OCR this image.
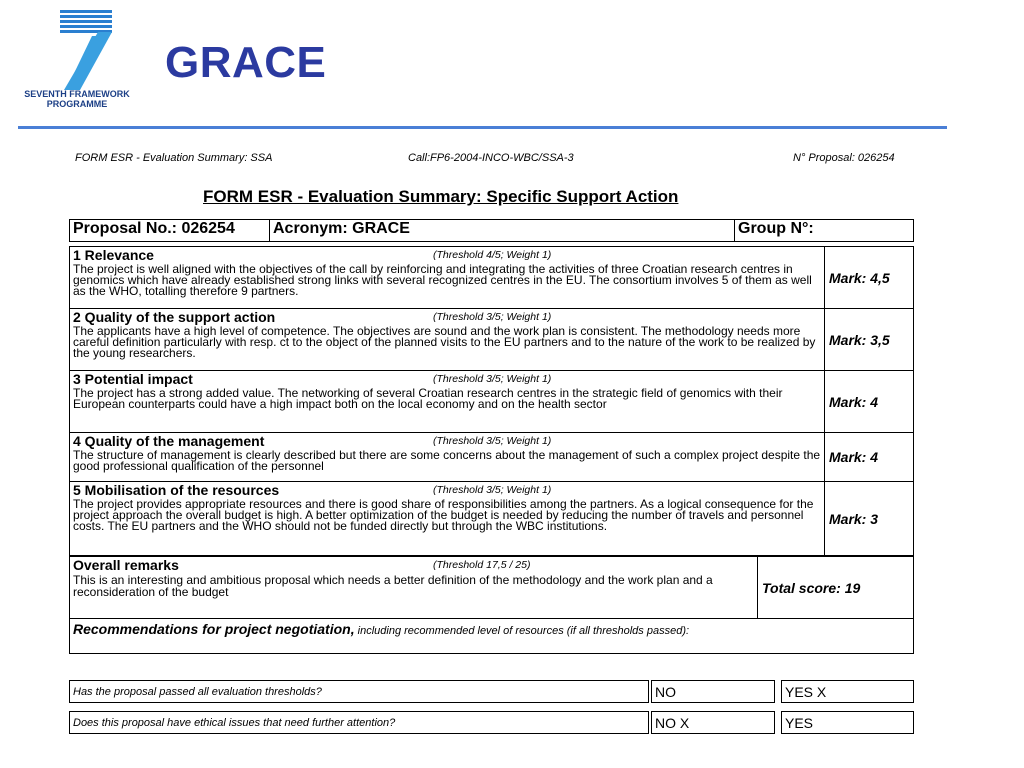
SEVENTH FRAMEWORK
PROGRAMME
GRACE
FORM ESR - Evaluation Summary: SSA	Call:FP6-2004-INCO-WBC/SSA-3	N° Proposal: 026254
FORM ESR - Evaluation Summary: Specific Support Action
Proposal No.: 026254	Acronym: GRACE	Group N°:
1 Relevance (Threshold 4/5; Weight 1)
The project is well aligned with the objectives of the call by reinforcing and integrating the activities of three Croatian research centres in genomics which have already established strong links with several recognized centres in the EU. The consortium involves 5 of them as well as the WHO, totalling therefore 9 partners.	Mark: 4,5

2 Quality of the support action (Threshold 3/5; Weight 1)
The applicants have a high level of competence. The objectives are sound and the work plan is consistent. The methodology needs more careful definition particularly with resp. ct to the object of the planned visits to the EU partners and to the nature of the work to be realized by the young researchers.	Mark: 3,5

3 Potential impact (Threshold 3/5; Weight 1)
The project has a strong added value. The networking of several Croatian research centres in the strategic field of genomics with their European counterparts could have a high impact both on the local economy and on the health sector	Mark: 4

4 Quality of the management (Threshold 3/5; Weight 1)
The structure of management is clearly described but there are some concerns about the management of such a complex project despite the good professional qualification of the personnel	Mark: 4

5 Mobilisation of the resources (Threshold 3/5; Weight 1)
The project provides appropriate resources and there is good share of responsibilities among the partners. As a logical consequence for the project approach the overall budget is high. A better optimization of the budget is needed by reducing the number of travels and personnel costs. The EU partners and the WHO should not be funded directly but through the WBC institutions.	Mark: 3
Overall remarks	(Threshold 17,5 / 25)
This is an interesting and ambitious proposal which needs a better definition of the methodology and the work plan and a reconsideration of the budget	Total score: 19
Recommendations for project negotiation, including recommended level of resources (if all thresholds passed):
Has the proposal passed all evaluation thresholds?		NO		YES X
Does this proposal have ethical issues that need further attention?		NO X		YES
